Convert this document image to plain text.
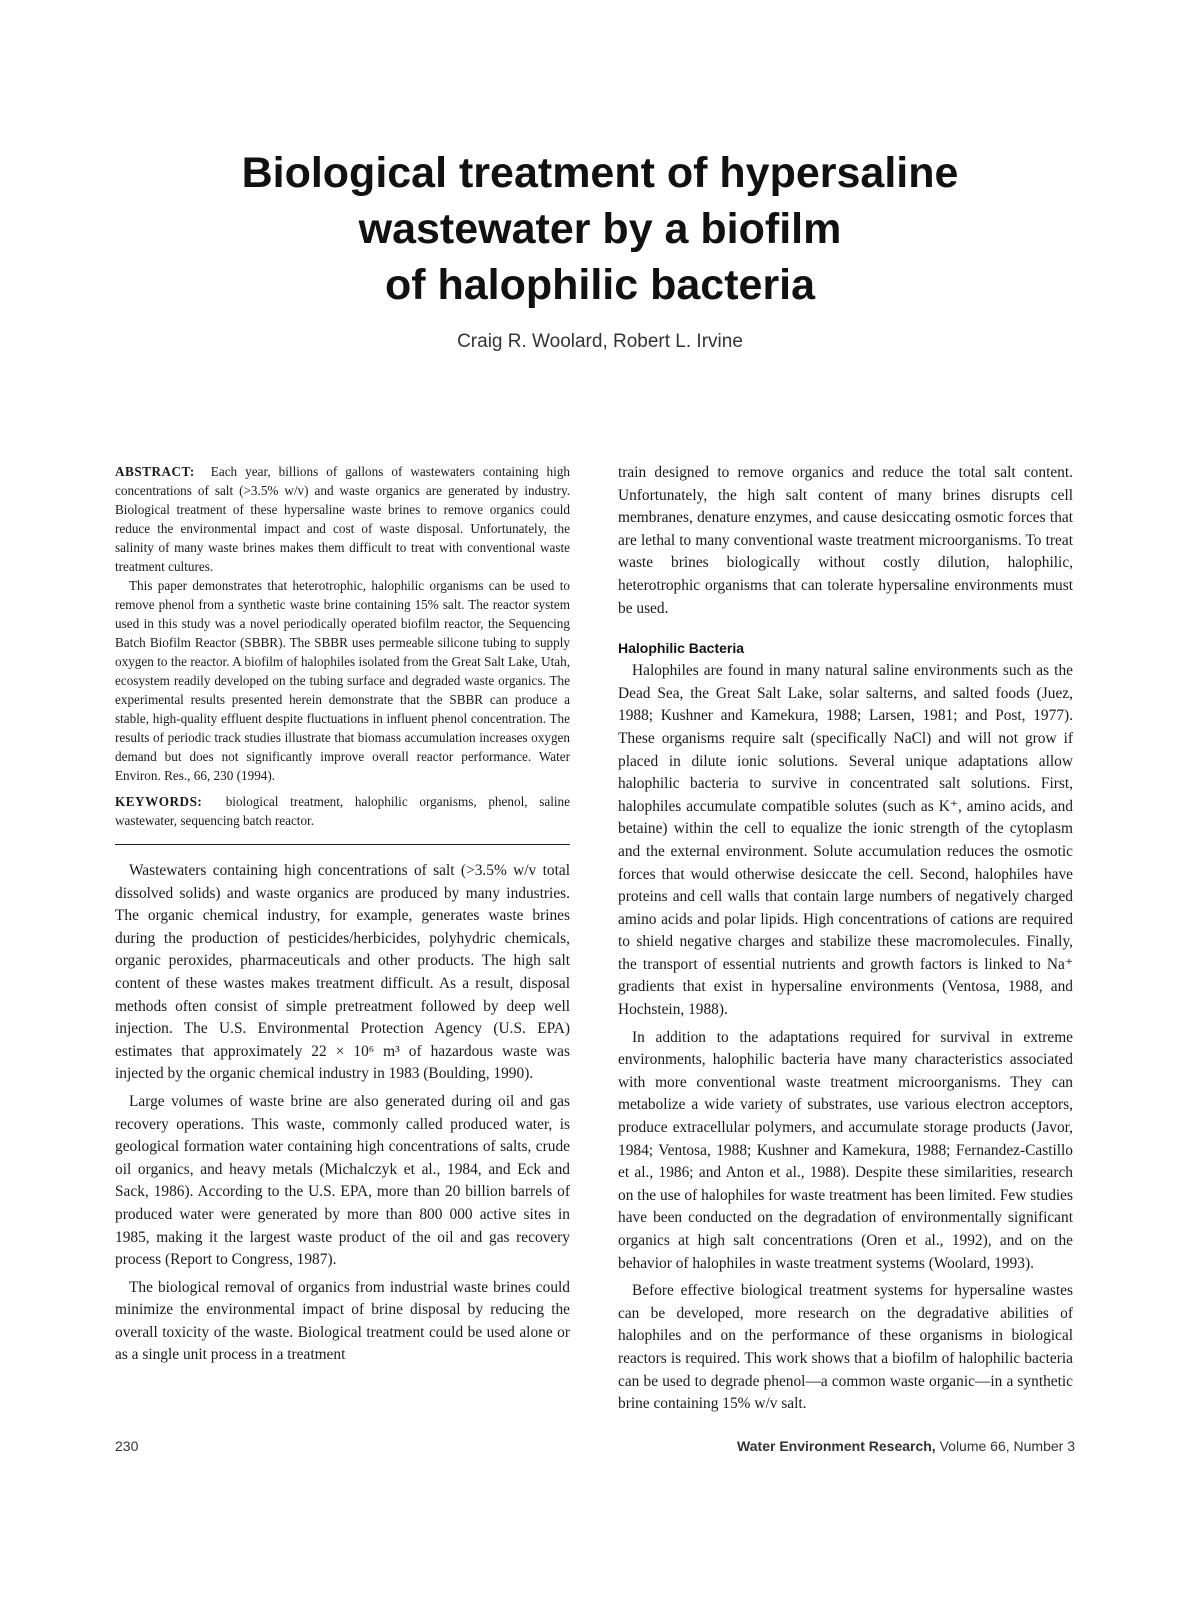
Biological treatment of hypersaline
wastewater by a biofilm
of halophilic bacteria
Craig R. Woolard, Robert L. Irvine

ABSTRACT: Each year, billions of gallons of wastewaters containing high concentrations of salt (>3.5% w/v) and waste organics are generated by industry. Biological treatment of these hypersaline waste brines to remove organics could reduce the environmental impact and cost of waste disposal. Unfortunately, the salinity of many waste brines makes them difficult to treat with conventional waste treatment cultures.

This paper demonstrates that heterotrophic, halophilic organisms can be used to remove phenol from a synthetic waste brine containing 15% salt. The reactor system used in this study was a novel periodically operated biofilm reactor, the Sequencing Batch Biofilm Reactor (SBBR). The SBBR uses permeable silicone tubing to supply oxygen to the reactor. A biofilm of halophiles isolated from the Great Salt Lake, Utah, ecosystem readily developed on the tubing surface and degraded waste organics. The experimental results presented herein demonstrate that the SBBR can produce a stable, high-quality effluent despite fluctuations in influent phenol concentration. The results of periodic track studies illustrate that biomass accumulation increases oxygen demand but does not significantly improve overall reactor performance. Water Environ. Res., 66, 230 (1994).

KEYWORDS: biological treatment, halophilic organisms, phenol, saline wastewater, sequencing batch reactor.

Wastewaters containing high concentrations of salt (>3.5% w/v total dissolved solids) and waste organics are produced by many industries. The organic chemical industry, for example, generates waste brines during the production of pesticides/herbicides, polyhydric chemicals, organic peroxides, pharmaceuticals and other products. The high salt content of these wastes makes treatment difficult. As a result, disposal methods often consist of simple pretreatment followed by deep well injection. The U.S. Environmental Protection Agency (U.S. EPA) estimates that approximately 22 × 10⁶ m³ of hazardous waste was injected by the organic chemical industry in 1983 (Boulding, 1990).

Large volumes of waste brine are also generated during oil and gas recovery operations. This waste, commonly called produced water, is geological formation water containing high concentrations of salts, crude oil organics, and heavy metals (Michalczyk et al., 1984, and Eck and Sack, 1986). According to the U.S. EPA, more than 20 billion barrels of produced water were generated by more than 800 000 active sites in 1985, making it the largest waste product of the oil and gas recovery process (Report to Congress, 1987).

The biological removal of organics from industrial waste brines could minimize the environmental impact of brine disposal by reducing the overall toxicity of the waste. Biological treatment could be used alone or as a single unit process in a treatment

train designed to remove organics and reduce the total salt content. Unfortunately, the high salt content of many brines disrupts cell membranes, denature enzymes, and cause desiccating osmotic forces that are lethal to many conventional waste treatment microorganisms. To treat waste brines biologically without costly dilution, halophilic, heterotrophic organisms that can tolerate hypersaline environments must be used.

Halophilic Bacteria

Halophiles are found in many natural saline environments such as the Dead Sea, the Great Salt Lake, solar salterns, and salted foods (Juez, 1988; Kushner and Kamekura, 1988; Larsen, 1981; and Post, 1977). These organisms require salt (specifically NaCl) and will not grow if placed in dilute ionic solutions. Several unique adaptations allow halophilic bacteria to survive in concentrated salt solutions. First, halophiles accumulate compatible solutes (such as K⁺, amino acids, and betaine) within the cell to equalize the ionic strength of the cytoplasm and the external environment. Solute accumulation reduces the osmotic forces that would otherwise desiccate the cell. Second, halophiles have proteins and cell walls that contain large numbers of negatively charged amino acids and polar lipids. High concentrations of cations are required to shield negative charges and stabilize these macromolecules. Finally, the transport of essential nutrients and growth factors is linked to Na⁺ gradients that exist in hypersaline environments (Ventosa, 1988, and Hochstein, 1988).

In addition to the adaptations required for survival in extreme environments, halophilic bacteria have many characteristics associated with more conventional waste treatment microorganisms. They can metabolize a wide variety of substrates, use various electron acceptors, produce extracellular polymers, and accumulate storage products (Javor, 1984; Ventosa, 1988; Kushner and Kamekura, 1988; Fernandez-Castillo et al., 1986; and Anton et al., 1988). Despite these similarities, research on the use of halophiles for waste treatment has been limited. Few studies have been conducted on the degradation of environmentally significant organics at high salt concentrations (Oren et al., 1992), and on the behavior of halophiles in waste treatment systems (Woolard, 1993).

Before effective biological treatment systems for hypersaline wastes can be developed, more research on the degradative abilities of halophiles and on the performance of these organisms in biological reactors is required. This work shows that a biofilm of halophilic bacteria can be used to degrade phenol—a common waste organic—in a synthetic brine containing 15% w/v salt.

230	Water Environment Research, Volume 66, Number 3
